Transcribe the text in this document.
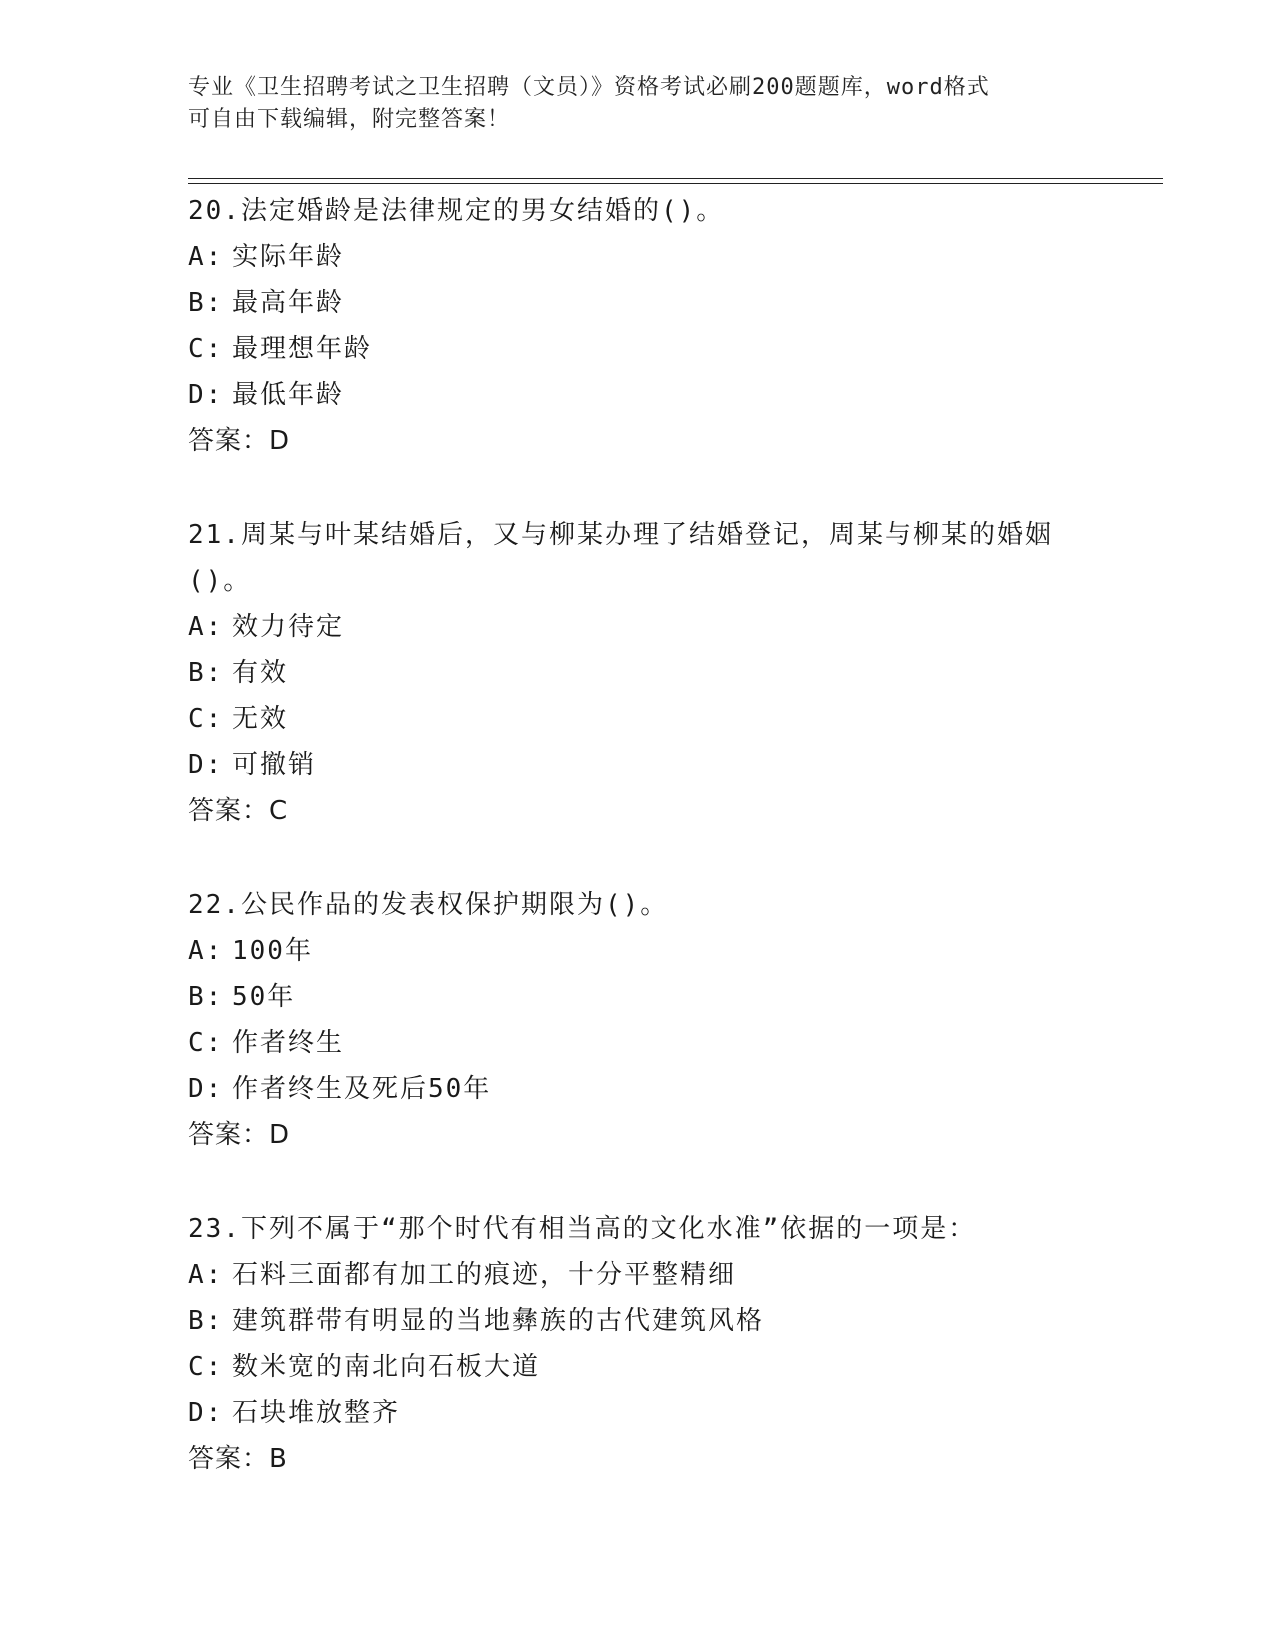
专业《卫生招聘考试之卫生招聘（文员）》资格考试必刷200题题库，word格式
可自由下载编辑，附完整答案！

20.法定婚龄是法律规定的男女结婚的()。

A: 实际年龄

B: 最高年龄

C: 最理想年龄

D: 最低年龄

答案：D

21.周某与叶某结婚后，又与柳某办理了结婚登记，周某与柳某的婚姻()。

A: 效力待定

B: 有效

C: 无效

D: 可撤销

答案：C

22.公民作品的发表权保护期限为()。

A: 100年

B: 50年

C: 作者终生

D: 作者终生及死后50年

答案：D

23.下列不属于“那个时代有相当高的文化水准”依据的一项是：

A: 石料三面都有加工的痕迹，十分平整精细

B: 建筑群带有明显的当地彝族的古代建筑风格

C: 数米宽的南北向石板大道

D: 石块堆放整齐

答案：B
